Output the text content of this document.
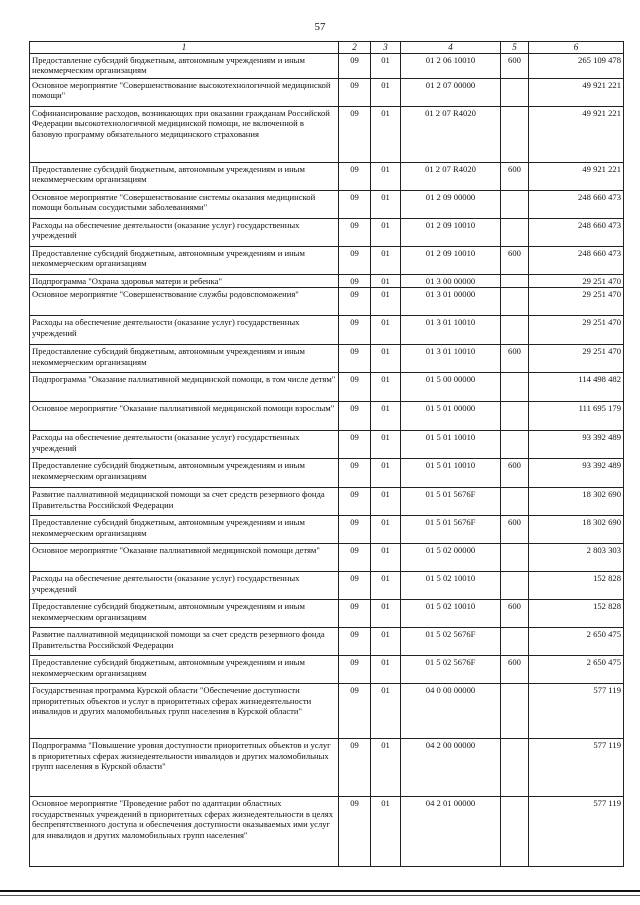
57
1	2	3	4	5	6
Предоставление субсидий бюджетным, автономным учреждениям и иным некоммерческим организациям	09	01	01 2 06 10010	600	265 109 478
Основное мероприятие "Совершенствование высокотехнологичной медицинской помощи"	09	01	01 2 07 00000		49 921 221
Софинансирование расходов, возникающих при оказании гражданам Российской Федерации высокотехнологичной медицинской помощи, не включенной в базовую программу обязательного медицинского страхования	09	01	01 2 07 R4020		49 921 221
Предоставление субсидий бюджетным, автономным учреждениям и иным некоммерческим организациям	09	01	01 2 07 R4020	600	49 921 221
Основное мероприятие "Совершенствование системы оказания медицинской помощи больным сосудистыми заболеваниями"	09	01	01 2 09 00000		248 660 473
Расходы на обеспечение деятельности (оказание услуг) государственных учреждений	09	01	01 2 09 10010		248 660 473
Предоставление субсидий бюджетным, автономным учреждениям и иным некоммерческим организациям	09	01	01 2 09 10010	600	248 660 473
Подпрограмма "Охрана здоровья матери и ребенка"	09	01	01 3 00 00000		29 251 470
Основное мероприятие "Совершенствование службы родовспоможения"	09	01	01 3 01 00000		29 251 470
Расходы на обеспечение деятельности (оказание услуг) государственных учреждений	09	01	01 3 01 10010		29 251 470
Предоставление субсидий бюджетным, автономным учреждениям и иным некоммерческим организациям	09	01	01 3 01 10010	600	29 251 470
Подпрограмма "Оказание паллиативной медицинской помощи, в том числе детям"	09	01	01 5 00 00000		114 498 482
Основное мероприятие "Оказание паллиативной медицинской помощи взрослым"	09	01	01 5 01 00000		111 695 179
Расходы на обеспечение деятельности (оказание услуг) государственных учреждений	09	01	01 5 01 10010		93 392 489
Предоставление субсидий бюджетным, автономным учреждениям и иным некоммерческим организациям	09	01	01 5 01 10010	600	93 392 489
Развитие паллиативной медицинской помощи за счет средств резервного фонда Правительства Российской Федерации	09	01	01 5 01 5676F		18 302 690
Предоставление субсидий бюджетным, автономным учреждениям и иным некоммерческим организациям	09	01	01 5 01 5676F	600	18 302 690
Основное мероприятие "Оказание паллиативной медицинской помощи детям"	09	01	01 5 02 00000		2 803 303
Расходы на обеспечение деятельности (оказание услуг) государственных учреждений	09	01	01 5 02 10010		152 828
Предоставление субсидий бюджетным, автономным учреждениям и иным некоммерческим организациям	09	01	01 5 02 10010	600	152 828
Развитие паллиативной медицинской помощи за счет средств резервного фонда Правительства Российской Федерации	09	01	01 5 02 5676F		2 650 475
Предоставление субсидий бюджетным, автономным учреждениям и иным некоммерческим организациям	09	01	01 5 02 5676F	600	2 650 475
Государственная программа Курской области "Обеспечение доступности приоритетных объектов и услуг в приоритетных сферах жизнедеятельности инвалидов и других маломобильных групп населения в Курской области"	09	01	04 0 00 00000		577 119
Подпрограмма "Повышение уровня доступности приоритетных объектов и услуг в приоритетных сферах жизнедеятельности инвалидов и других маломобильных групп населения в Курской области"	09	01	04 2 00 00000		577 119
Основное мероприятие "Проведение работ по адаптации областных государственных учреждений в приоритетных сферах жизнедеятельности в целях беспрепятственного доступа и обеспечения доступности оказываемых ими услуг для инвалидов и других маломобильных групп населения"	09	01	04 2 01 00000		577 119
